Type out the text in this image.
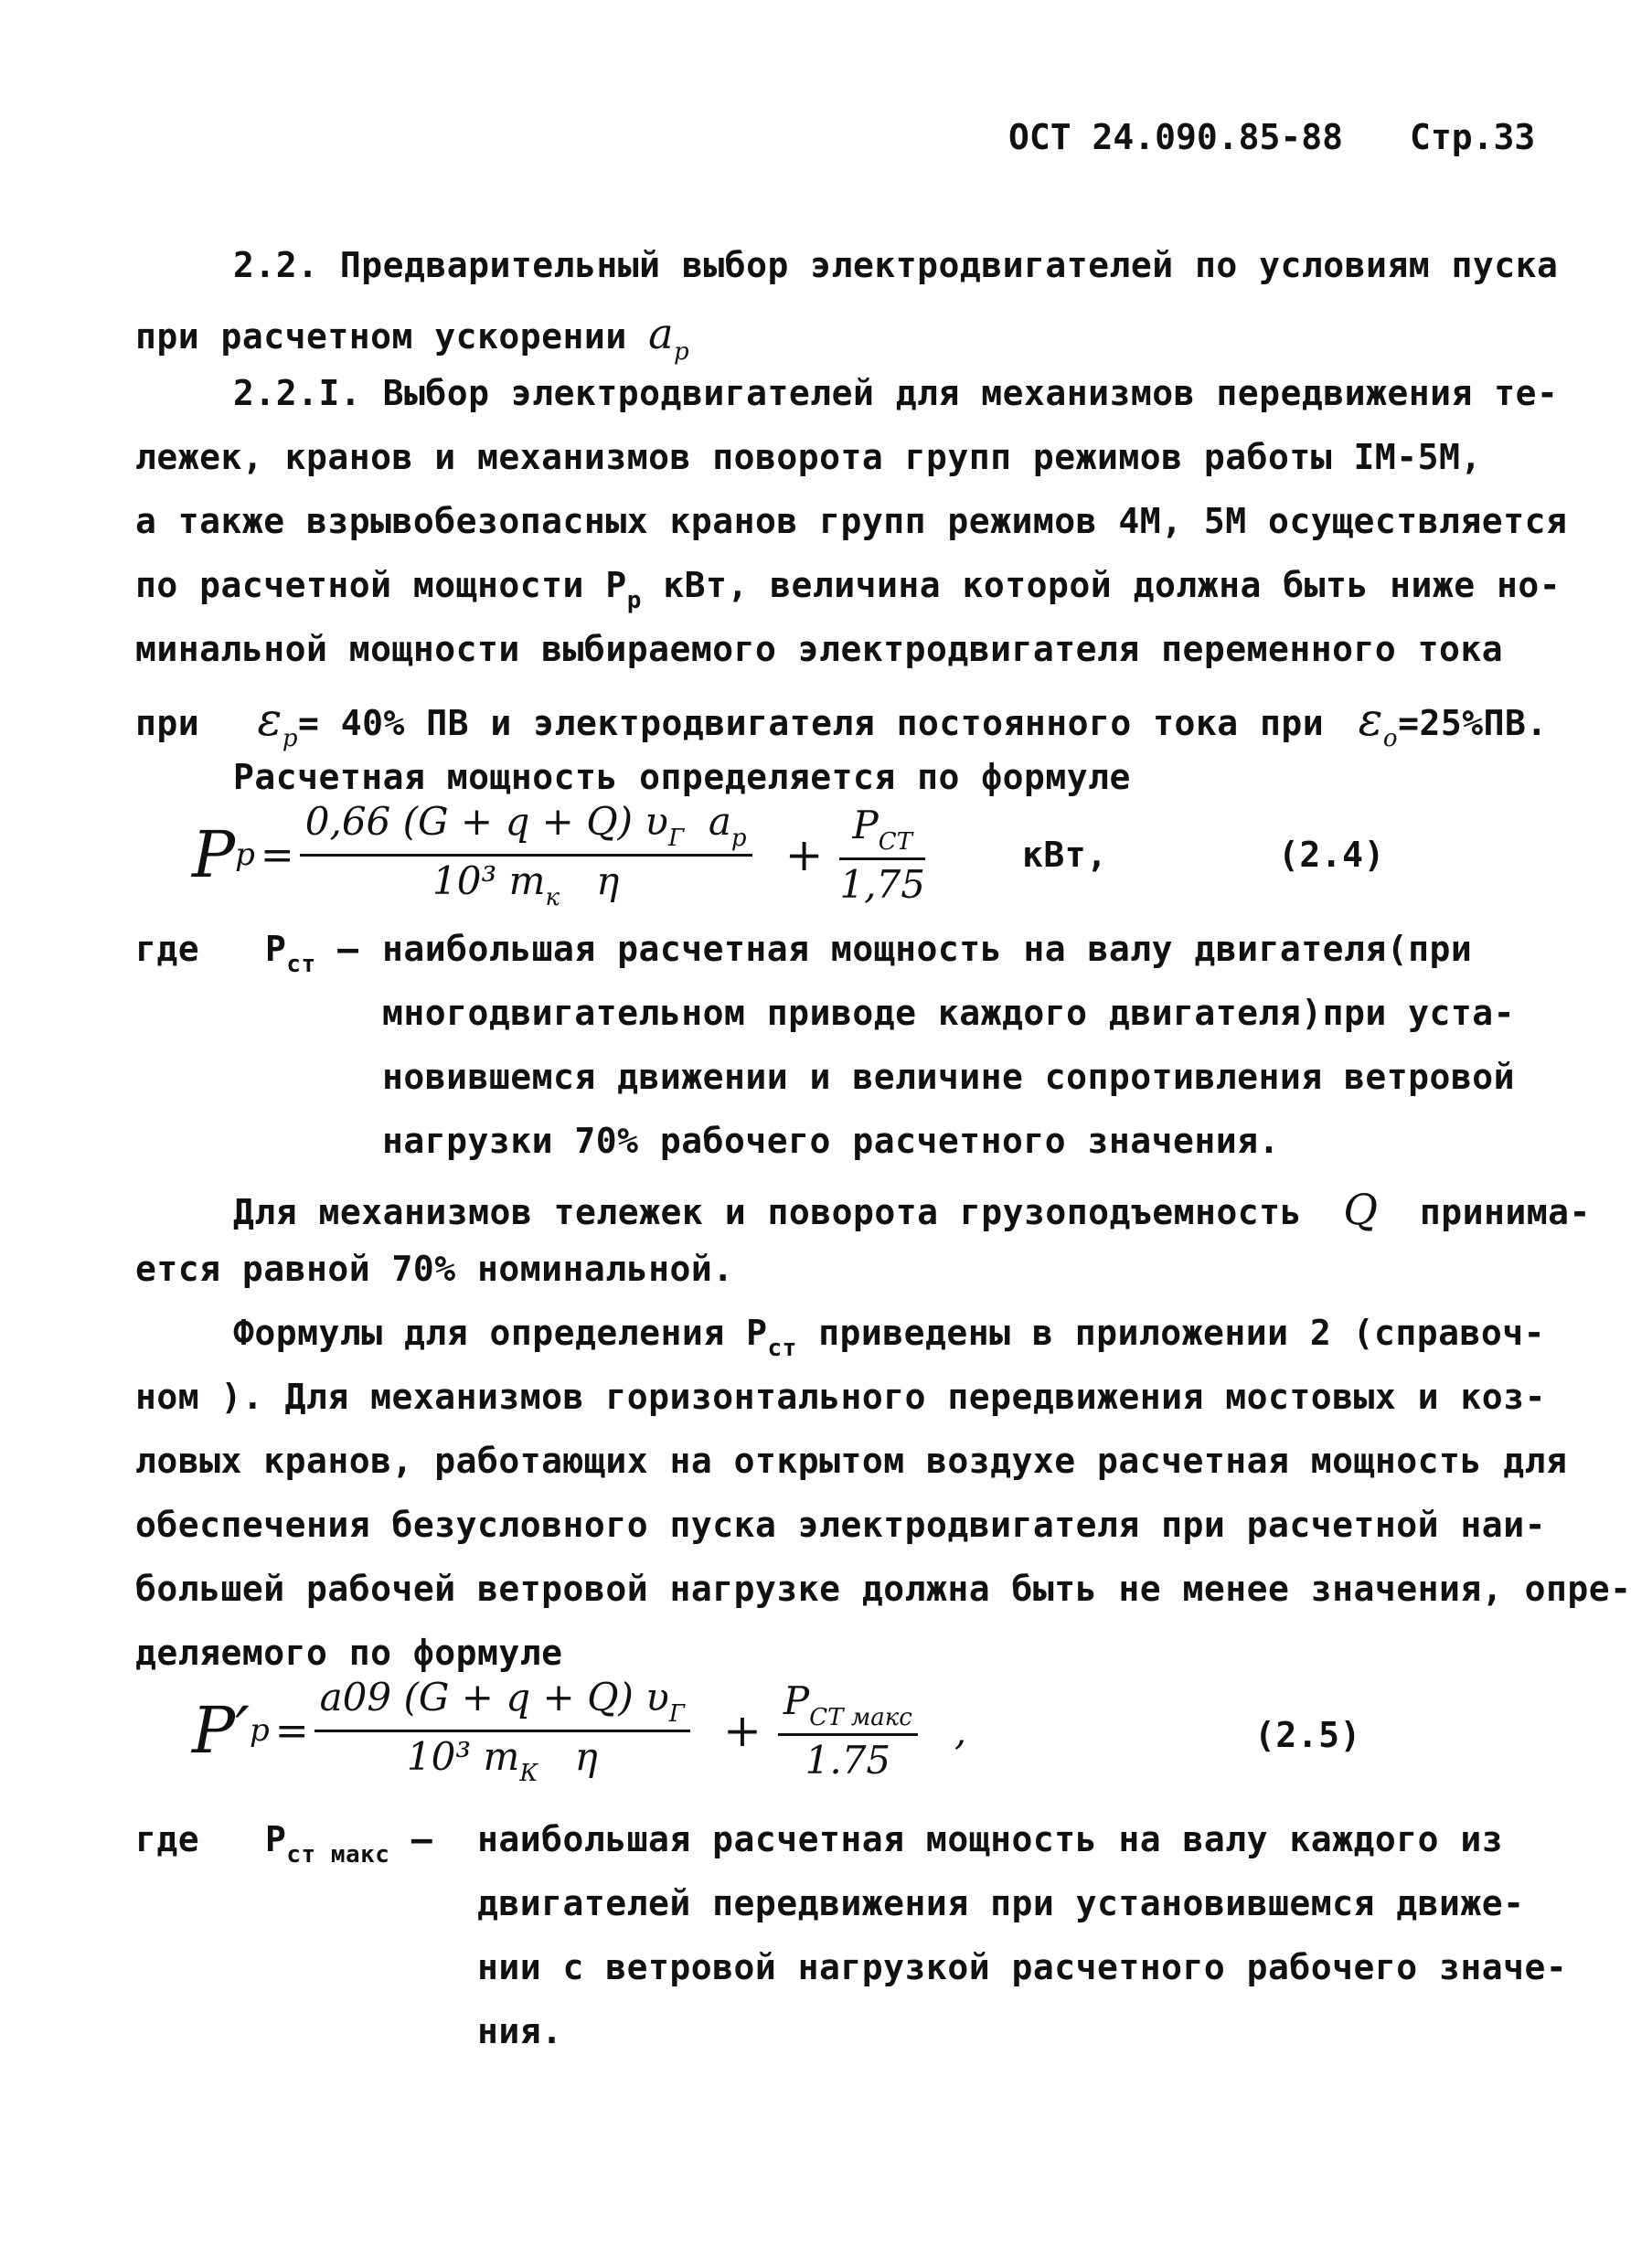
ОСТ 24.090.85-88 Стр.33
2.2. Предварительный выбор электродвигателей по условиям пуска
при расчетном ускорении $a_p$
2.2.I. Выбор электродвигателей для механизмов передвижения те-
лежек, кранов и механизмов поворота групп режимов работы IM-5M,
а также взрывобезопасных кранов групп режимов 4M, 5M осуществляется
по расчетной мощности $P_p$ кВт, величина которой должна быть ниже но-
минальной мощности выбираемого электродвигателя переменного тока
при $\varepsilon_p= 40\%$ ПВ и электродвигателя постоянного тока при $\varepsilon_o=25\%ПВ$.
Расчетная мощность определяется по формуле
P $p = \frac{0,66 (G + q + Q) \upsilon_Г a_p}{10^3 m_к \eta} + \frac{P_{СТ}}{1,75}$	кВт,	(2.4)
где $P_{ст}$ – наибольшая расчетная мощность на валу двигателя(при
многодвигательном приводе каждого двигателя)при уста-
новившемся движении и величине сопротивления ветровой
нагрузки 70% рабочего расчетного значения.
Для механизмов тележек и поворота грузоподъемность Q принима-
ется равной 70% номинальной.
Формулы для определения $P_{ст}$ приведены в приложении 2 (справоч-
ном ). Для механизмов горизонтального передвижения мостовых и коз-
ловых кранов, работающих на открытом воздухе расчетная мощность для
обеспечения безусловного пуска электродвигателя при расчетной наи-
большей рабочей ветровой нагрузке должна быть не менее значения, опре-
деляемого по формуле
P′ $p = \frac{a09 (G + q + Q) \upsilon_Г}{10^3 m_К \eta} + \frac{P_{СТ макс}}{1.75}$ ,	(2.5)
где $P_{ст макс}$ – наибольшая расчетная мощность на валу каждого из
двигателей передвижения при установившемся движе-
нии с ветровой нагрузкой расчетного рабочего значе-
ния.
